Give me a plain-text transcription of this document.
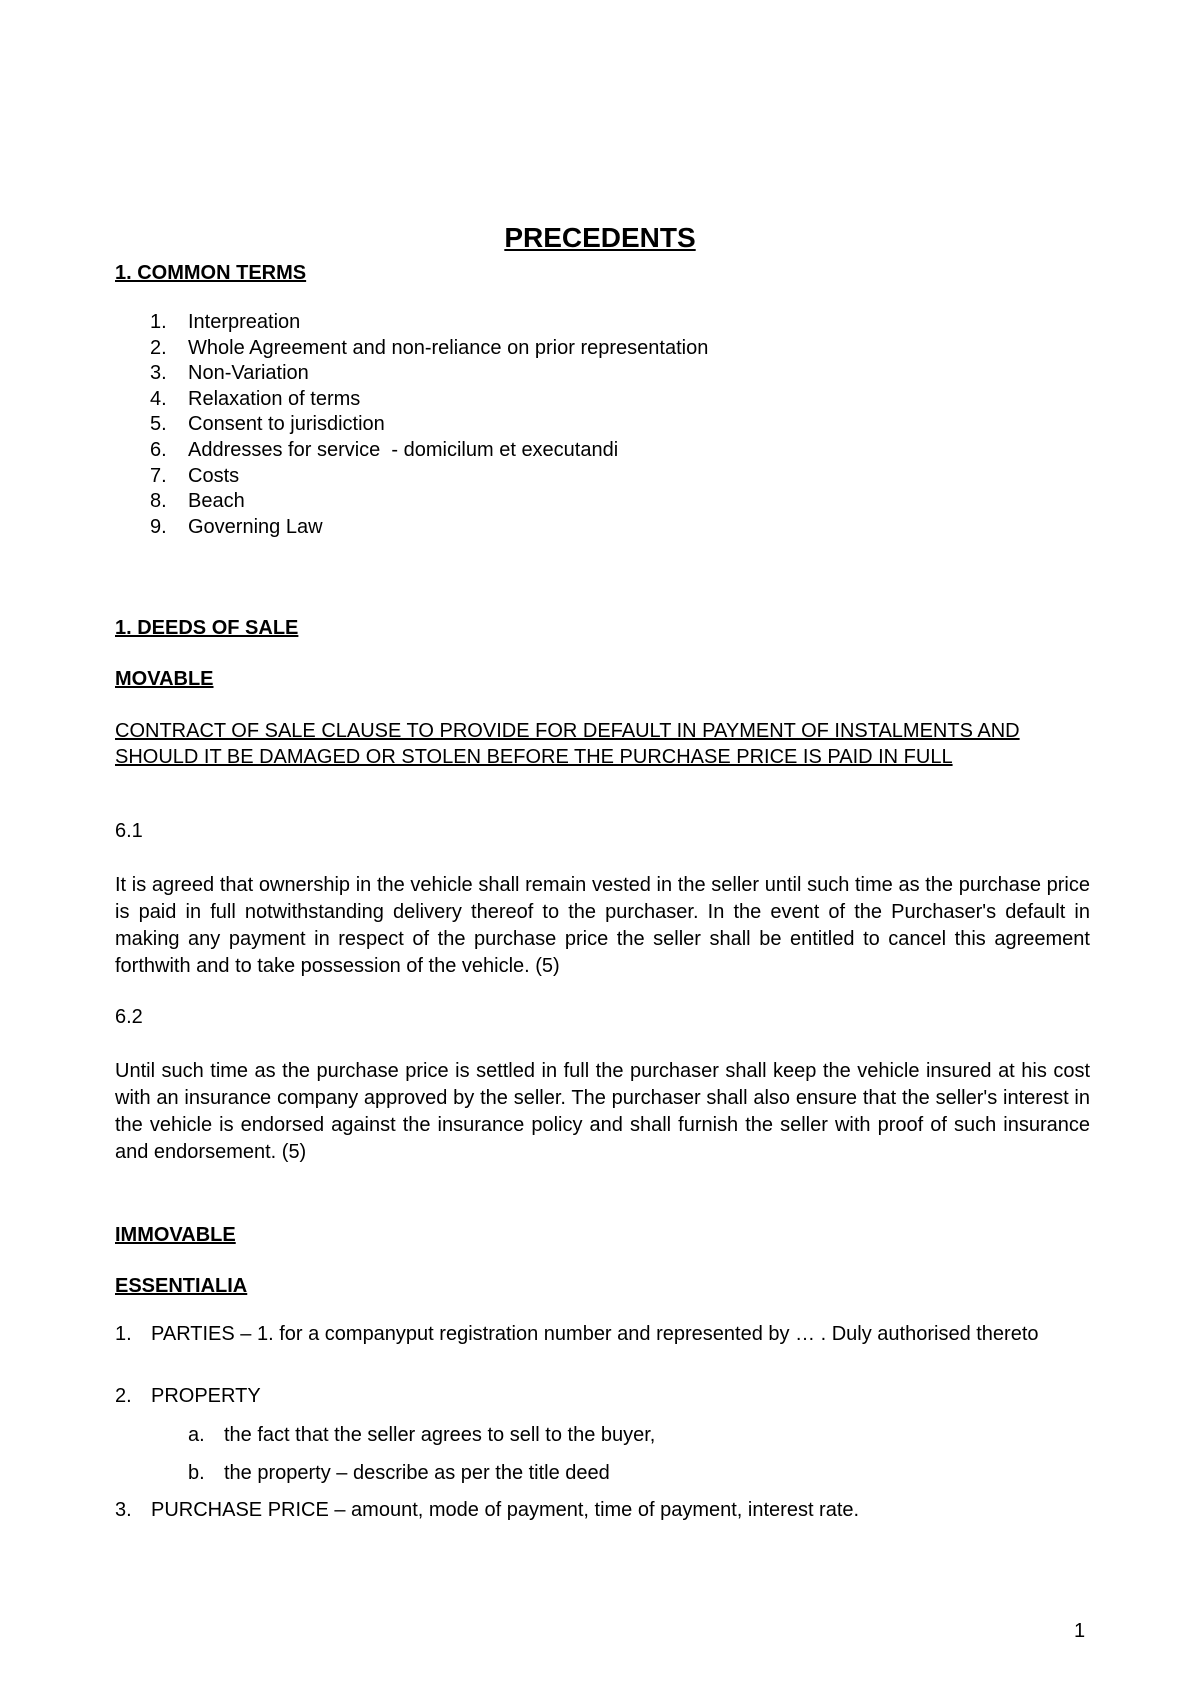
PRECEDENTS
1. COMMON TERMS
1. Interpreation
2. Whole Agreement and non-reliance on prior representation
3. Non-Variation
4. Relaxation of terms
5. Consent to jurisdiction
6. Addresses for service  - domicilum et executandi
7. Costs
8. Beach
9. Governing Law
1. DEEDS OF SALE
MOVABLE

CONTRACT OF SALE CLAUSE TO PROVIDE FOR DEFAULT IN PAYMENT OF INSTALMENTS AND SHOULD IT BE DAMAGED OR STOLEN BEFORE THE PURCHASE PRICE IS PAID IN FULL

6.1

It is agreed that ownership in the vehicle shall remain vested in the seller until such time as the purchase price is paid in full notwithstanding delivery thereof to the purchaser. In the event of the Purchaser's default in making any payment in respect of the purchase price the seller shall be entitled to cancel this agreement forthwith and to take possession of the vehicle. (5)

6.2

Until such time as the purchase price is settled in full the purchaser shall keep the vehicle insured at his cost with an insurance company approved by the seller. The purchaser shall also ensure that the seller's interest in the vehicle is endorsed against the insurance policy and shall furnish the seller with proof of such insurance and endorsement. (5)

IMMOVABLE
ESSENTIALIA
1. PARTIES – 1. for a companyput registration number and represented by … . Duly authorised thereto
2. PROPERTY
a. the fact that the seller agrees to sell to the buyer,
b. the property – describe as per the title deed
3. PURCHASE PRICE – amount, mode of payment, time of payment, interest rate.

1
